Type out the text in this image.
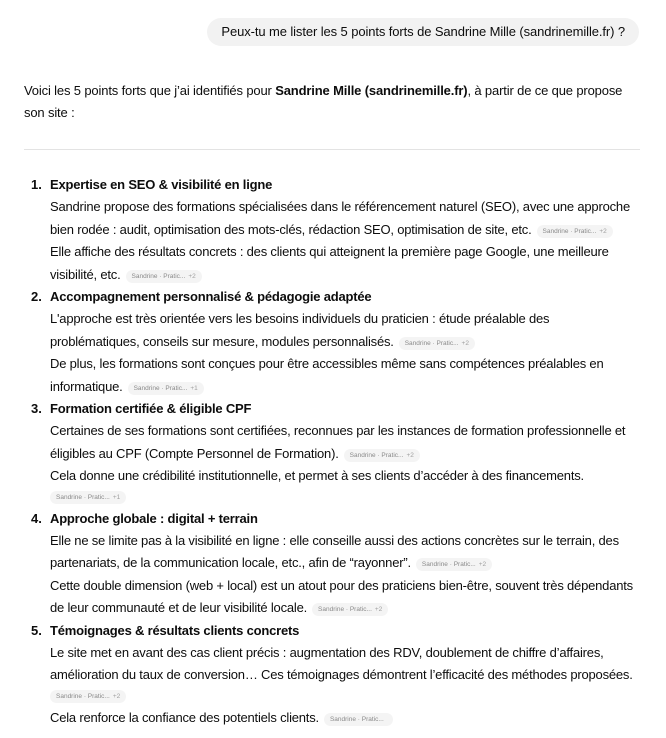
Peux-tu me lister les 5 points forts de Sandrine Mille (sandrinemille.fr) ?

Voici les 5 points forts que j’ai identifiés pour Sandrine Mille (sandrinemille.fr), à partir de ce que propose son site :

1. Expertise en SEO & visibilité en ligne

Sandrine propose des formations spécialisées dans le référencement naturel (SEO), avec une approche bien rodée : audit, optimisation des mots-clés, rédaction SEO, optimisation de site, etc. Sandrine · Pratic... +2

Elle affiche des résultats concrets : des clients qui atteignent la première page Google, une meilleure visibilité, etc. Sandrine · Pratic... +2

2. Accompagnement personnalisé & pédagogie adaptée

L'approche est très orientée vers les besoins individuels du praticien : étude préalable des problématiques, conseils sur mesure, modules personnalisés. Sandrine · Pratic... +2

De plus, les formations sont conçues pour être accessibles même sans compétences préalables en informatique. Sandrine · Pratic... +1

3. Formation certifiée & éligible CPF

Certaines de ses formations sont certifiées, reconnues par les instances de formation professionnelle et éligibles au CPF (Compte Personnel de Formation). Sandrine · Pratic... +2

Cela donne une crédibilité institutionnelle, et permet à ses clients d’accéder à des financements.
Sandrine · Pratic... +1

4. Approche globale : digital + terrain

Elle ne se limite pas à la visibilité en ligne : elle conseille aussi des actions concrètes sur le terrain, des partenariats, de la communication locale, etc., afin de “rayonner”. Sandrine · Pratic... +2

Cette double dimension (web + local) est un atout pour des praticiens bien-être, souvent très dépendants de leur communauté et de leur visibilité locale. Sandrine · Pratic... +2

5. Témoignages & résultats clients concrets

Le site met en avant des cas client précis : augmentation des RDV, doublement de chiffre d’affaires, amélioration du taux de conversion… Ces témoignages démontrent l’efficacité des méthodes proposées.
Sandrine · Pratic... +2

Cela renforce la confiance des potentiels clients. Sandrine · Pratic...
